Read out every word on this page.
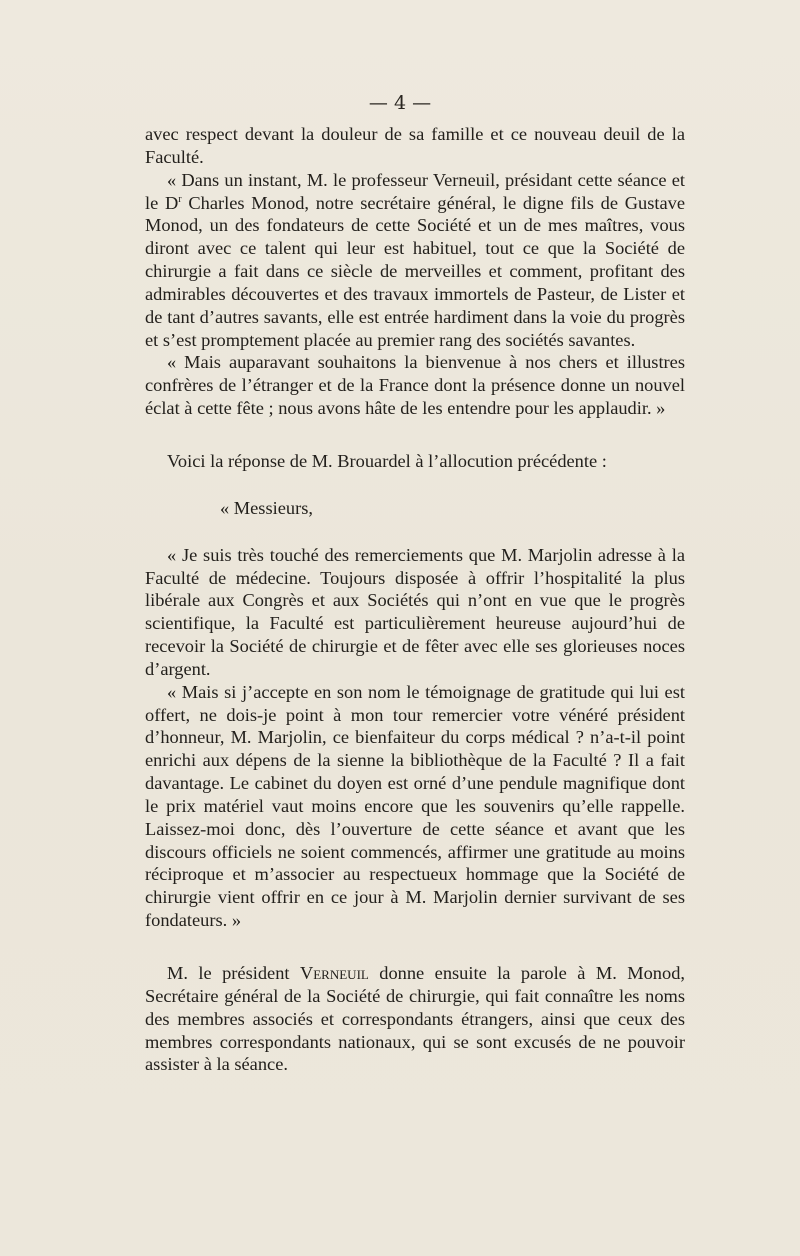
— 4 —

avec respect devant la douleur de sa famille et ce nouveau deuil de la Faculté.

« Dans un instant, M. le professeur Verneuil, présidant cette séance et le $D^r$ Charles Monod, notre secrétaire général, le digne fils de Gustave Monod, un des fondateurs de cette Société et un de mes maîtres, vous diront avec ce talent qui leur est habituel, tout ce que la Société de chirurgie a fait dans ce siècle de merveilles et comment, profitant des admirables découvertes et des travaux immortels de Pasteur, de Lister et de tant d’autres savants, elle est entrée hardiment dans la voie du progrès et s’est promptement placée au premier rang des sociétés savantes.

« Mais auparavant souhaitons la bienvenue à nos chers et illustres confrères de l’étranger et de la France dont la présence donne un nouvel éclat à cette fête ; nous avons hâte de les entendre pour les applaudir. »

Voici la réponse de M. Brouardel à l’allocution précédente :

« Messieurs,

« Je suis très touché des remerciements que M. Marjolin adresse à la Faculté de médecine. Toujours disposée à offrir l’hospitalité la plus libérale aux Congrès et aux Sociétés qui n’ont en vue que le progrès scientifique, la Faculté est particulièrement heureuse aujourd’hui de recevoir la Société de chirurgie et de fêter avec elle ses glorieuses noces d’argent.

« Mais si j’accepte en son nom le témoignage de gratitude qui lui est offert, ne dois-je point à mon tour remercier votre vénéré président d’honneur, M. Marjolin, ce bienfaiteur du corps médical ? n’a-t-il point enrichi aux dépens de la sienne la bibliothèque de la Faculté ? Il a fait davantage. Le cabinet du doyen est orné d’une pendule magnifique dont le prix matériel vaut moins encore que les souvenirs qu’elle rappelle. Laissez-moi donc, dès l’ouverture de cette séance et avant que les discours officiels ne soient commencés, affirmer une gratitude au moins réciproque et m’associer au respectueux hommage que la Société de chirurgie vient offrir en ce jour à M. Marjolin dernier survivant de ses fondateurs. »

M. le président Verneuil donne ensuite la parole à M. Monod, Secrétaire général de la Société de chirurgie, qui fait connaître les noms des membres associés et correspondants étrangers, ainsi que ceux des membres correspondants nationaux, qui se sont excusés de ne pouvoir assister à la séance.
